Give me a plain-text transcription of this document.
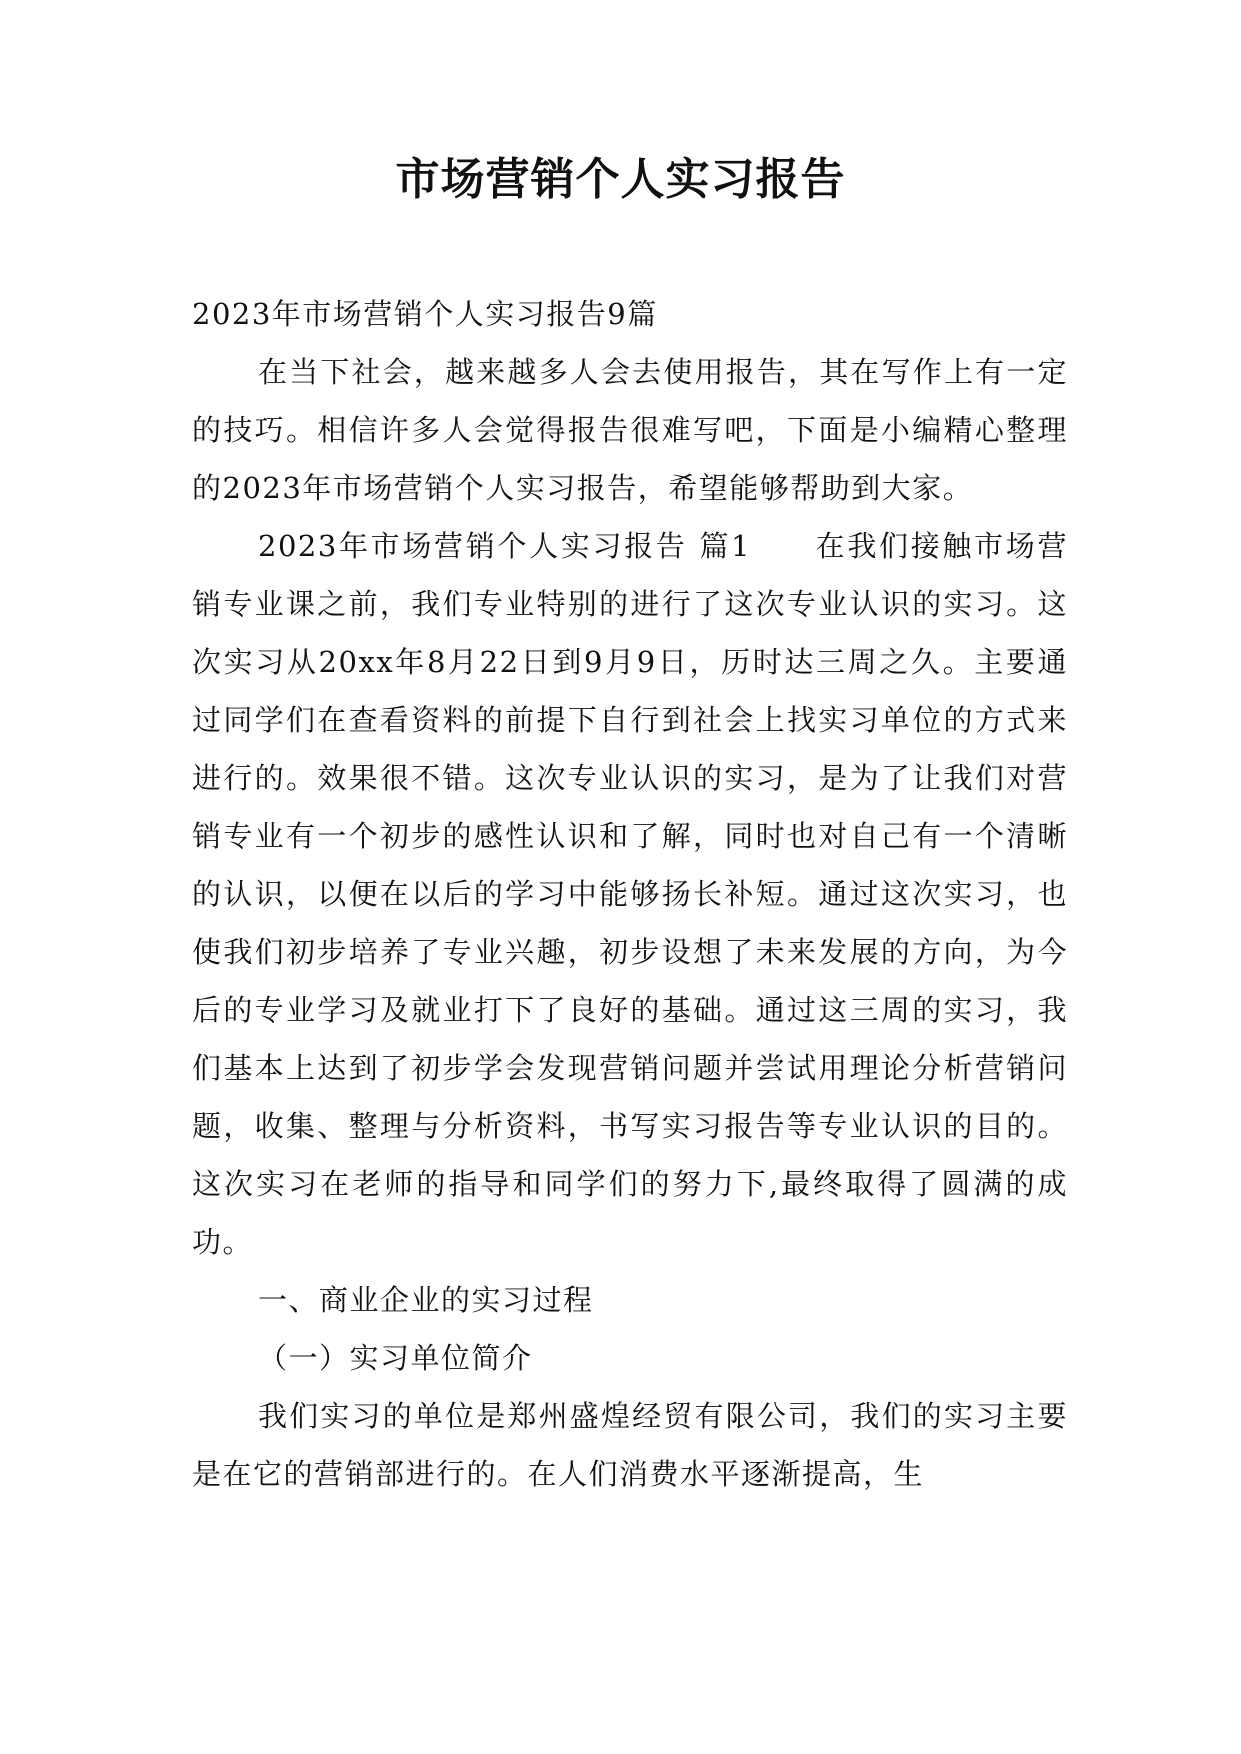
市场营销个人实习报告

2023年市场营销个人实习报告9篇

在当下社会，越来越多人会去使用报告，其在写作上有一定的技巧。相信许多人会觉得报告很难写吧，下面是小编精心整理的2023年市场营销个人实习报告，希望能够帮助到大家。

2023年市场营销个人实习报告 篇1　　在我们接触市场营销专业课之前，我们专业特别的进行了这次专业认识的实习。这次实习从20xx年8月22日到9月9日，历时达三周之久。主要通过同学们在查看资料的前提下自行到社会上找实习单位的方式来进行的。效果很不错。这次专业认识的实习，是为了让我们对营销专业有一个初步的感性认识和了解，同时也对自己有一个清晰的认识，以便在以后的学习中能够扬长补短。通过这次实习，也使我们初步培养了专业兴趣，初步设想了未来发展的方向，为今后的专业学习及就业打下了良好的基础。通过这三周的实习，我们基本上达到了初步学会发现营销问题并尝试用理论分析营销问题，收集、整理与分析资料，书写实习报告等专业认识的目的。这次实习在老师的指导和同学们的努力下,最终取得了圆满的成功。

一、商业企业的实习过程

（一）实习单位简介

我们实习的单位是郑州盛煌经贸有限公司，我们的实习主要是在它的营销部进行的。在人们消费水平逐渐提高，生
